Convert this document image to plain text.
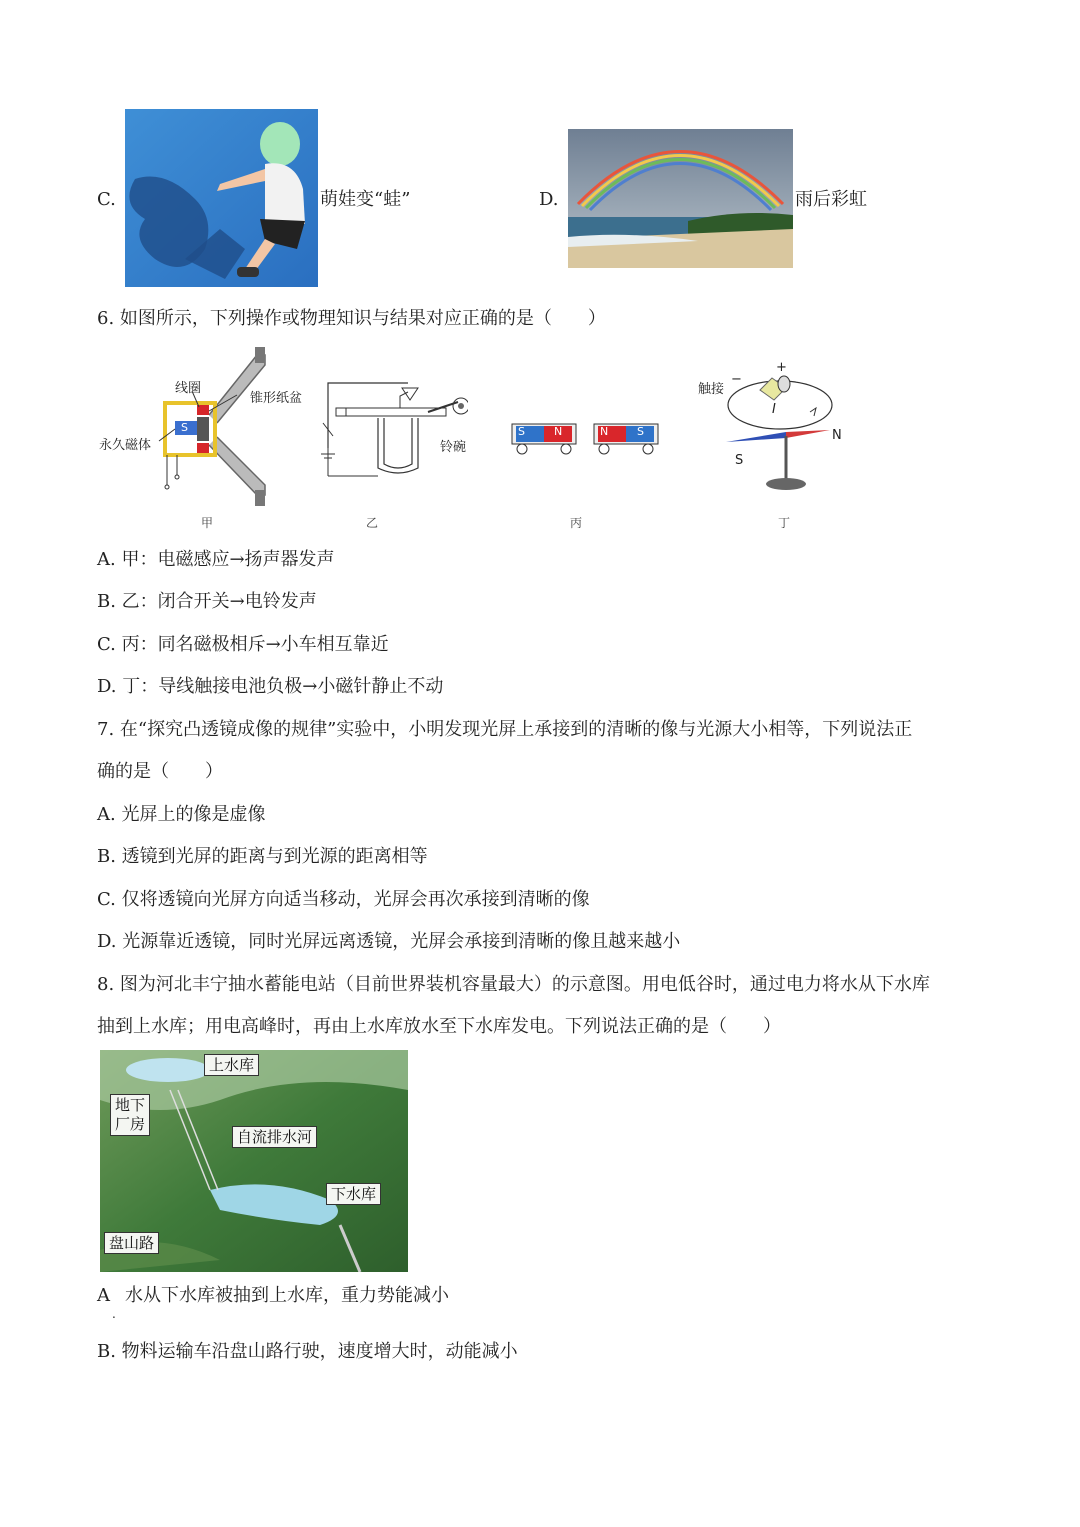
C.	萌娃变“蛙”	D.	雨后彩虹
6. 如图所示，下列操作或物理知识与结果对应正确的是（　　）
线圈
锥形纸盆
永久磁体
S
甲
铃碗
乙
S	N	N	S
丙
触接
−
+
I
S
N
丁
A. 甲：电磁感应→扬声器发声
B. 乙：闭合开关→电铃发声
C. 丙：同名磁极相斥→小车相互靠近
D. 丁：导线触接电池负极→小磁针静止不动
7. 在“探究凸透镜成像的规律”实验中，小明发现光屏上承接到的清晰的像与光源大小相等，下列说法正
确的是（　　）
A. 光屏上的像是虚像
B. 透镜到光屏的距离与到光源的距离相等
C. 仅将透镜向光屏方向适当移动，光屏会再次承接到清晰的像
D. 光源靠近透镜，同时光屏远离透镜，光屏会承接到清晰的像且越来越小
8. 图为河北丰宁抽水蓄能电站（目前世界装机容量最大）的示意图。用电低谷时，通过电力将水从下水库
抽到上水库；用电高峰时，再由上水库放水至下水库发电。下列说法正确的是（　　）
上水库
地下
厂房
自流排水河
下水库
盘山路
A 水从下水库被抽到上水库，重力势能减小
.
B. 物料运输车沿盘山路行驶，速度增大时，动能减小
